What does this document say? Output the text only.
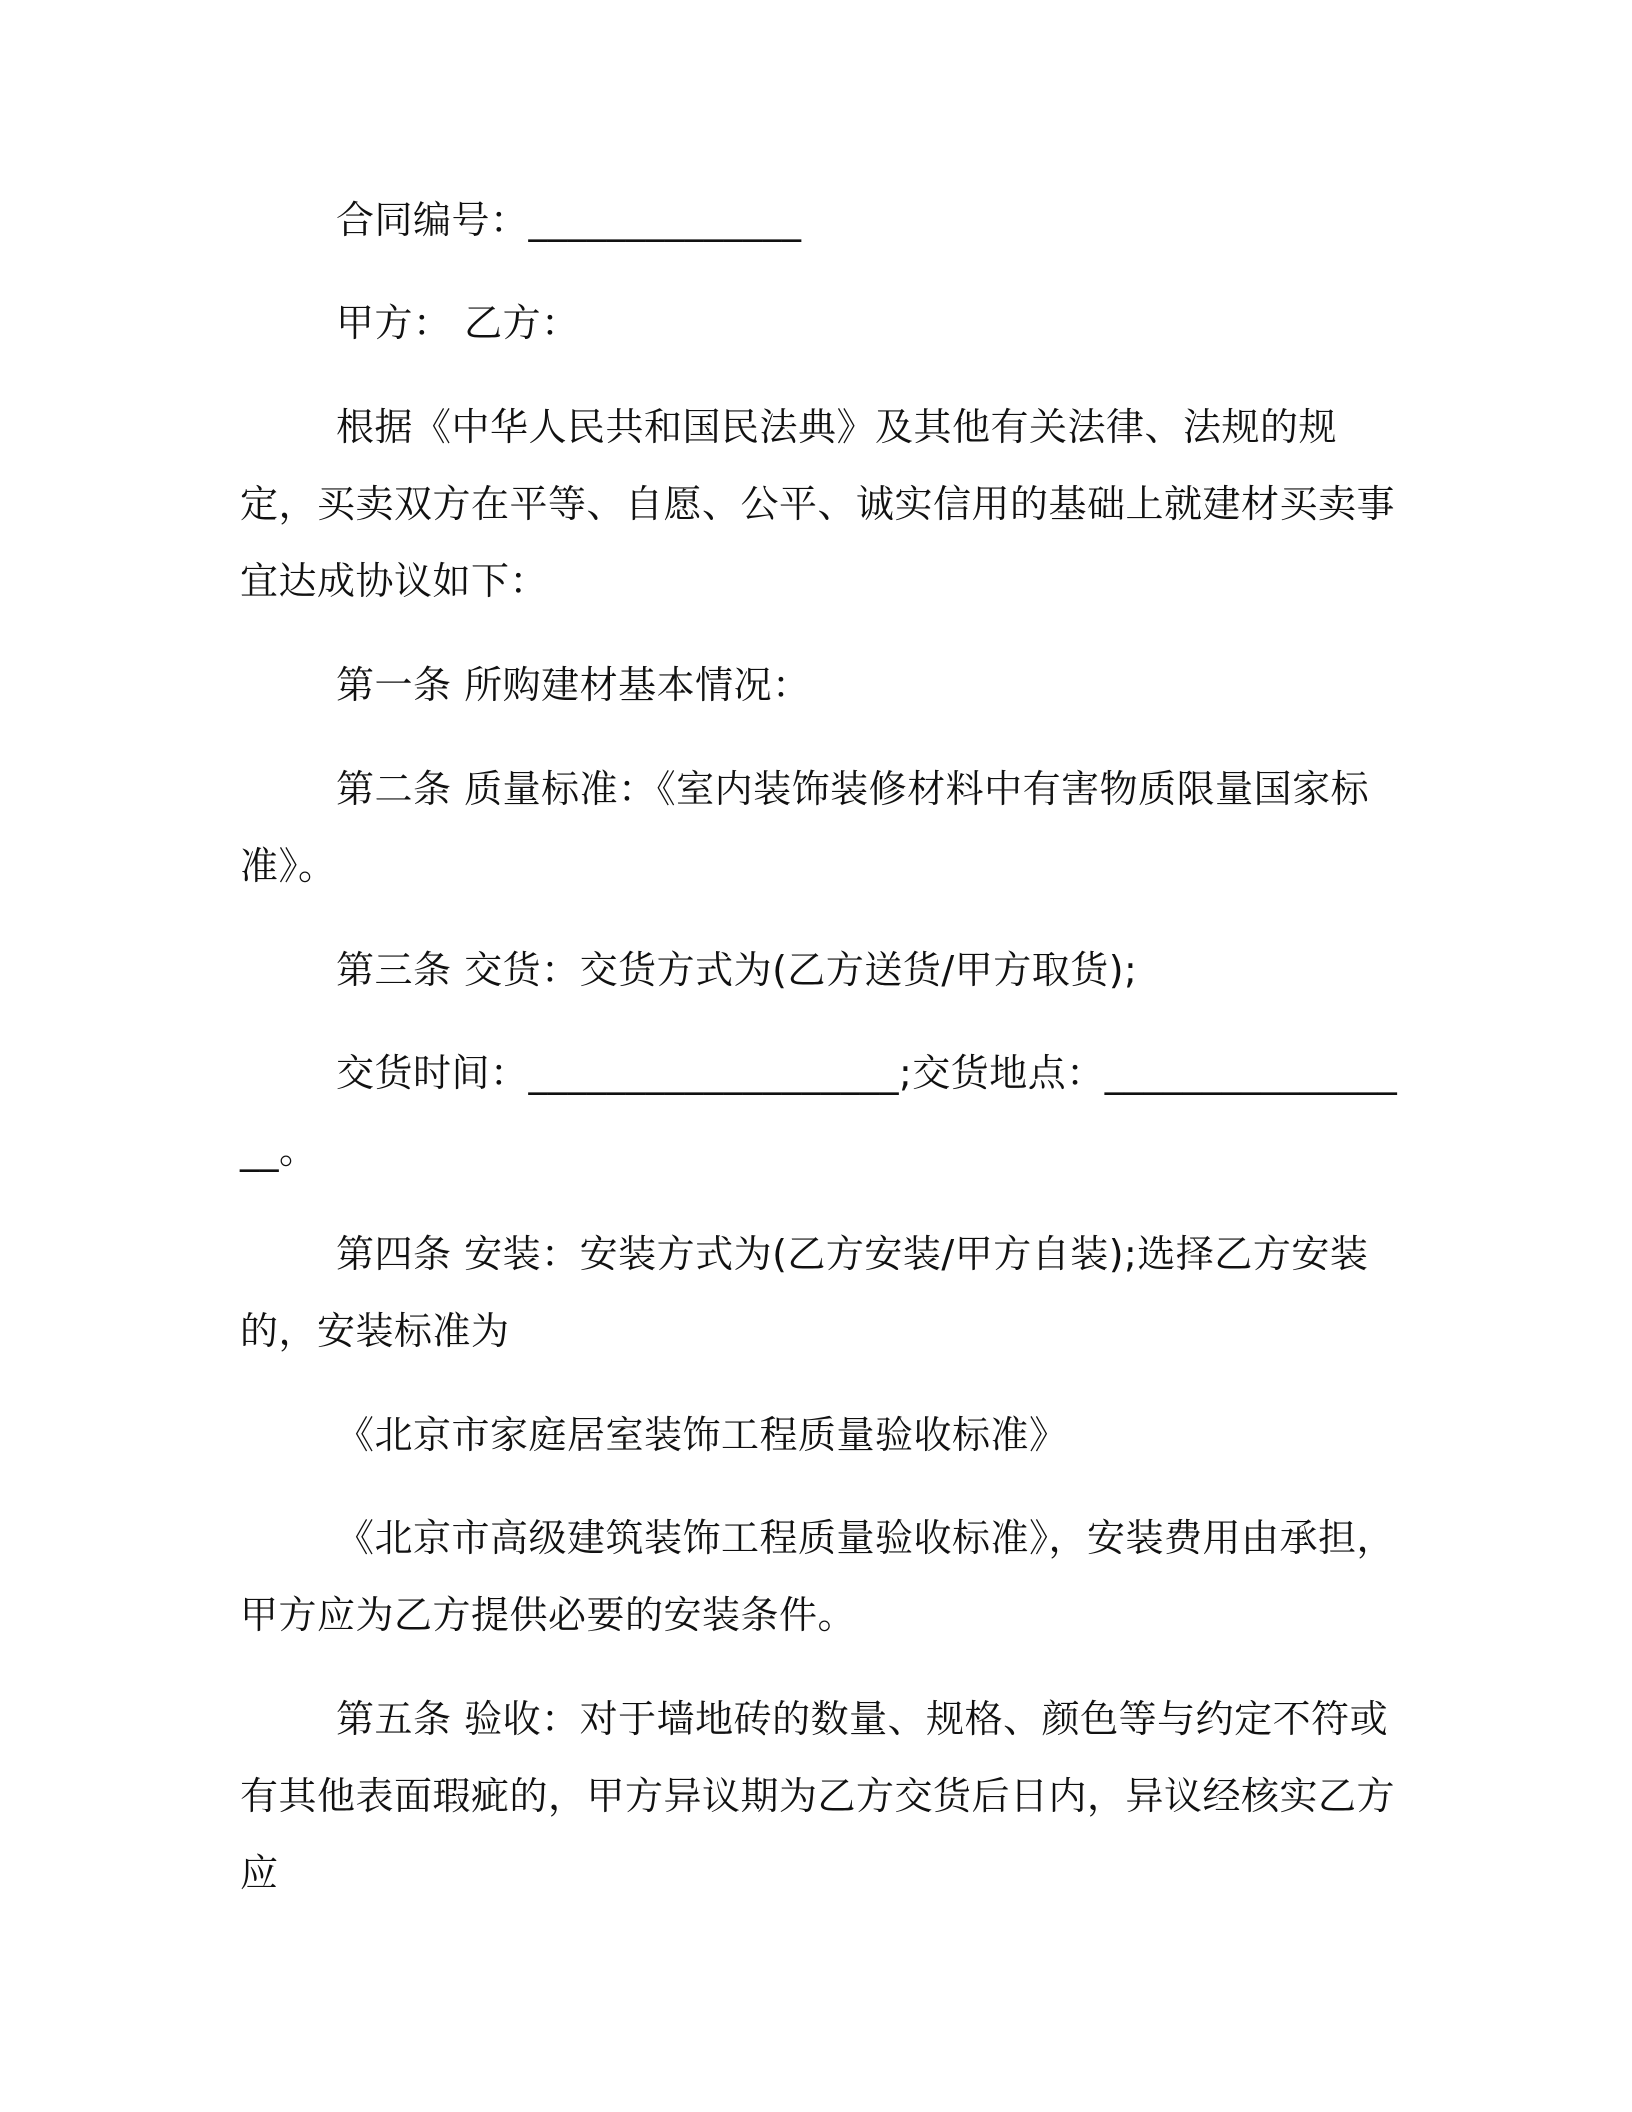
合同编号：______________

甲方： 乙方：

根据《中华人民共和国民法典》及其他有关法律、法规的规定，买卖双方在平等、自愿、公平、诚实信用的基础上就建材买卖事宜达成协议如下：

第一条 所购建材基本情况：

第二条 质量标准：《室内装饰装修材料中有害物质限量国家标准》。

第三条 交货：交货方式为(乙方送货/甲方取货);

交货时间：___________________;交货地点：_________________。

第四条 安装：安装方式为(乙方安装/甲方自装);选择乙方安装的，安装标准为

《北京市家庭居室装饰工程质量验收标准》

《北京市高级建筑装饰工程质量验收标准》，安装费用由承担，甲方应为乙方提供必要的安装条件。

第五条 验收：对于墙地砖的数量、规格、颜色等与约定不符或有其他表面瑕疵的，甲方异议期为乙方交货后日内，异议经核实乙方应
